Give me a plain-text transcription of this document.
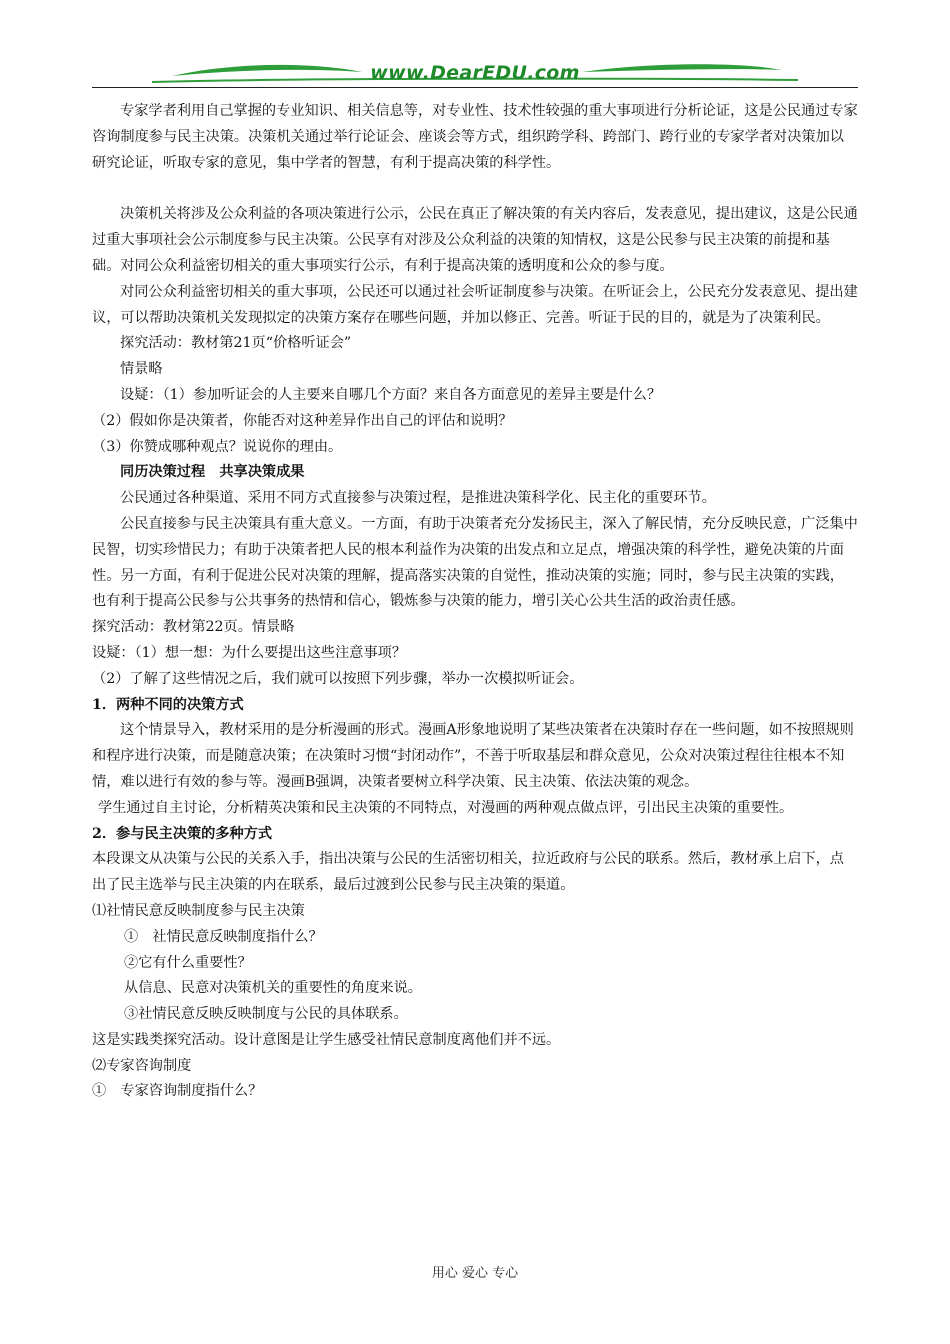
www.DearEDU.com
专家学者利用自己掌握的专业知识、相关信息等，对专业性、技术性较强的重大事项进行分析论证，这是公民通过专家咨询制度参与民主决策。决策机关通过举行论证会、座谈会等方式，组织跨学科、跨部门、跨行业的专家学者对决策加以研究论证，听取专家的意见，集中学者的智慧，有利于提高决策的科学性。
决策机关将涉及公众利益的各项决策进行公示，公民在真正了解决策的有关内容后，发表意见，提出建议，这是公民通过重大事项社会公示制度参与民主决策。公民享有对涉及公众利益的决策的知情权，这是公民参与民主决策的前提和基础。对同公众利益密切相关的重大事项实行公示，有利于提高决策的透明度和公众的参与度。
对同公众利益密切相关的重大事项，公民还可以通过社会听证制度参与决策。在听证会上，公民充分发表意见、提出建议，可以帮助决策机关发现拟定的决策方案存在哪些问题，并加以修正、完善。听证于民的目的，就是为了决策利民。
探究活动：教材第21页“价格听证会”
情景略
设疑：（1）参加听证会的人主要来自哪几个方面？来自各方面意见的差异主要是什么？
（2）假如你是决策者，你能否对这种差异作出自己的评估和说明？
（3）你赞成哪种观点？说说你的理由。
同历决策过程　共享决策成果
公民通过各种渠道、采用不同方式直接参与决策过程，是推进决策科学化、民主化的重要环节。
公民直接参与民主决策具有重大意义。一方面，有助于决策者充分发扬民主，深入了解民情，充分反映民意，广泛集中民智，切实珍惜民力；有助于决策者把人民的根本利益作为决策的出发点和立足点，增强决策的科学性，避免决策的片面性。另一方面，有利于促进公民对决策的理解，提高落实决策的自觉性，推动决策的实施；同时，参与民主决策的实践，也有利于提高公民参与公共事务的热情和信心，锻炼参与决策的能力，增引关心公共生活的政治责任感。
探究活动：教材第22页。情景略
设疑：（1）想一想：为什么要提出这些注意事项？
（2）了解了这些情况之后，我们就可以按照下列步骤，举办一次模拟听证会。
1．两种不同的决策方式
这个情景导入，教材采用的是分析漫画的形式。漫画A形象地说明了某些决策者在决策时存在一些问题，如不按照规则和程序进行决策，而是随意决策；在决策时习惯“封闭动作”，不善于听取基层和群众意见，公众对决策过程往往根本不知情，难以进行有效的参与等。漫画B强调，决策者要树立科学决策、民主决策、依法决策的观念。
学生通过自主讨论，分析精英决策和民主决策的不同特点，对漫画的两种观点做点评，引出民主决策的重要性。
2．参与民主决策的多种方式
本段课文从决策与公民的关系入手，指出决策与公民的生活密切相关，拉近政府与公民的联系。然后，教材承上启下，点出了民主选举与民主决策的内在联系，最后过渡到公民参与民主决策的渠道。
⑴社情民意反映制度参与民主决策
①　社情民意反映制度指什么？
②它有什么重要性？
从信息、民意对决策机关的重要性的角度来说。
③社情民意反映反映制度与公民的具体联系。
这是实践类探究活动。设计意图是让学生感受社情民意制度离他们并不远。
⑵专家咨询制度
①　专家咨询制度指什么？
用心 爱心 专心
